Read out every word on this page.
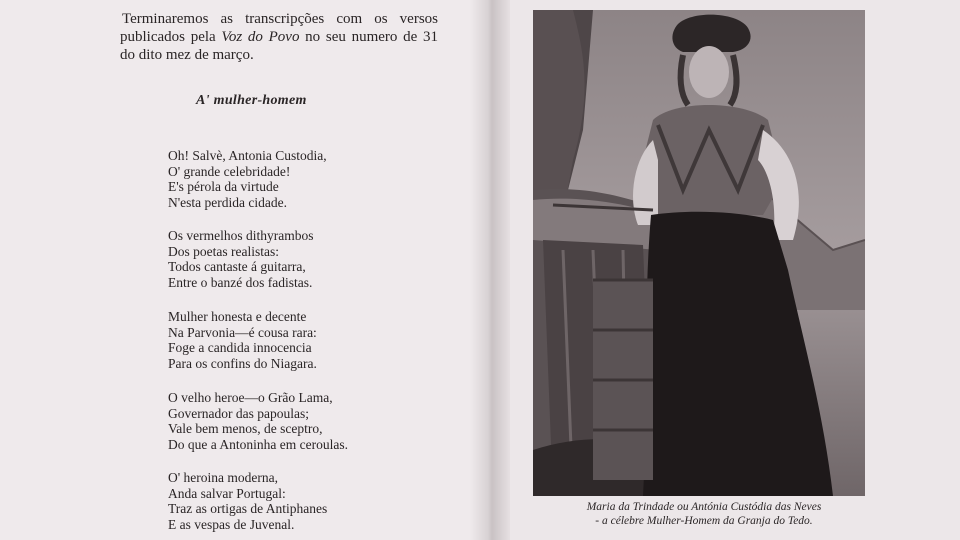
Terminaremos as transcripções com os versos publicados pela Voz do Povo no seu numero de 31 do dito mez de março.

A' mulher-homem
Oh! Salvè, Antonia Custodia,
O' grande celebridade!
E's pérola da virtude
N'esta perdida cidade.
Os vermelhos dithyrambos
Dos poetas realistas:
Todos cantaste á guitarra,
Entre o banzé dos fadistas.
Mulher honesta e decente
Na Parvonia—é cousa rara:
Foge a candida innocencia
Para os confins do Niagara.
O velho heroe—o Grão Lama,
Governador das papoulas;
Vale bem menos, de sceptro,
Do que a Antoninha em ceroulas.
O' heroina moderna,
Anda salvar Portugal:
Traz as ortigas de Antiphanes
E as vespas de Juvenal.
Maria da Trindade ou Antónia Custódia das Neves
- a célebre Mulher-Homem da Granja do Tedo.
